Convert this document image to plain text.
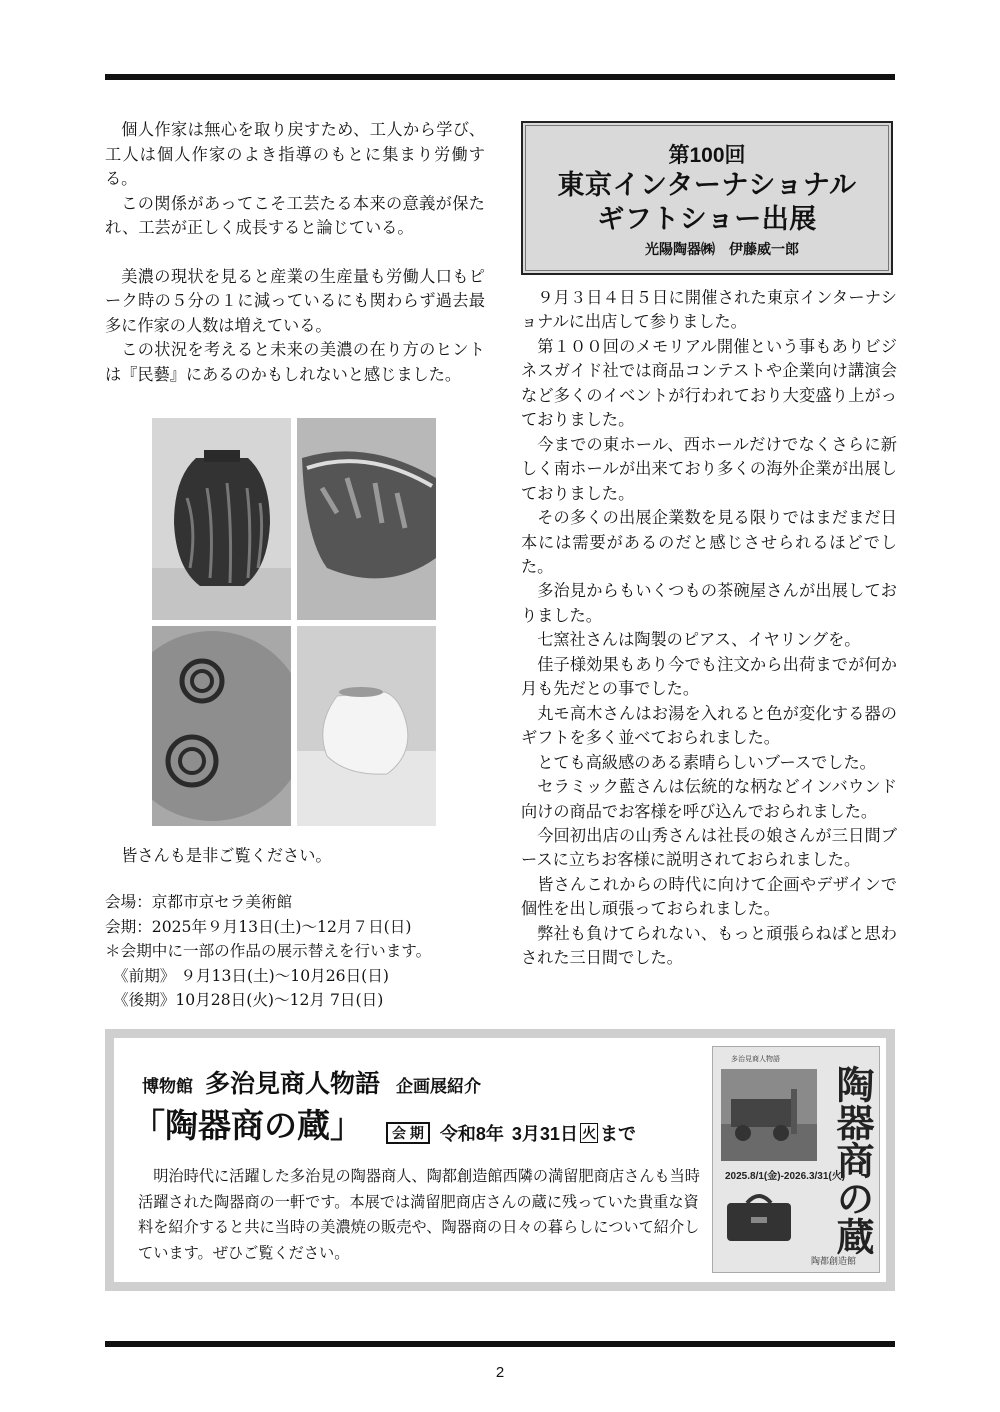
個人作家は無心を取り戻すため、工人から学び、工人は個人作家のよき指導のもとに集まり労働する。

この関係があってこそ工芸たる本来の意義が保たれ、工芸が正しく成長すると論じている。

美濃の現状を見ると産業の生産量も労働人口もピーク時の５分の１に減っているにも関わらず過去最多に作家の人数は増えている。

この状況を考えると未来の美濃の在り方のヒントは『民藝』にあるのかもしれないと感じました。

皆さんも是非ご覧ください。

会場：京都市京セラ美術館
会期：2025年９月13日(土)～12月７日(日)
＊会期中に一部の作品の展示替えを行います。
《前期》 ９月13日(土)～10月26日(日)
《後期》10月28日(火)～12月 7日(日)
第100回
東京インターナショナル
ギフトショー出展
光陽陶器㈱　伊藤威一郎

９月３日４日５日に開催された東京インターナショナルに出店して参りました。

第１００回のメモリアル開催という事もありビジネスガイド社では商品コンテストや企業向け講演会など多くのイベントが行われており大変盛り上がっておりました。

今までの東ホール、西ホールだけでなくさらに新しく南ホールが出来ており多くの海外企業が出展しておりました。

その多くの出展企業数を見る限りではまだまだ日本には需要があるのだと感じさせられるほどでした。

多治見からもいくつもの茶碗屋さんが出展しておりました。

七窯社さんは陶製のピアス、イヤリングを。

佳子様効果もあり今でも注文から出荷までが何か月も先だとの事でした。

丸モ高木さんはお湯を入れると色が変化する器のギフトを多く並べておられました。

とても高級感のある素晴らしいブースでした。

セラミック藍さんは伝統的な柄などインバウンド向けの商品でお客様を呼び込んでおられました。

今回初出店の山秀さんは社長の娘さんが三日間ブースに立ちお客様に説明されておられました。

皆さんこれからの時代に向けて企画やデザインで個性を出し頑張っておられました。

弊社も負けてられない、もっと頑張らねばと思わされた三日間でした。

博物館 多治見商人物語 企画展紹介
「陶器商の蔵」	会 期 令和8年 3月31日 火 まで

明治時代に活躍した多治見の陶器商人、陶都創造館西隣の満留肥商店さんも当時活躍された陶器商の一軒です。本展では満留肥商店さんの蔵に残っていた貴重な資料を紹介すると共に当時の美濃焼の販売や、陶器商の日々の暮らしについて紹介しています。ぜひご覧ください。

多治見商人物語
陶器商の蔵
2025.8/1(金)-2026.3/31(火)
陶都創造館
2
